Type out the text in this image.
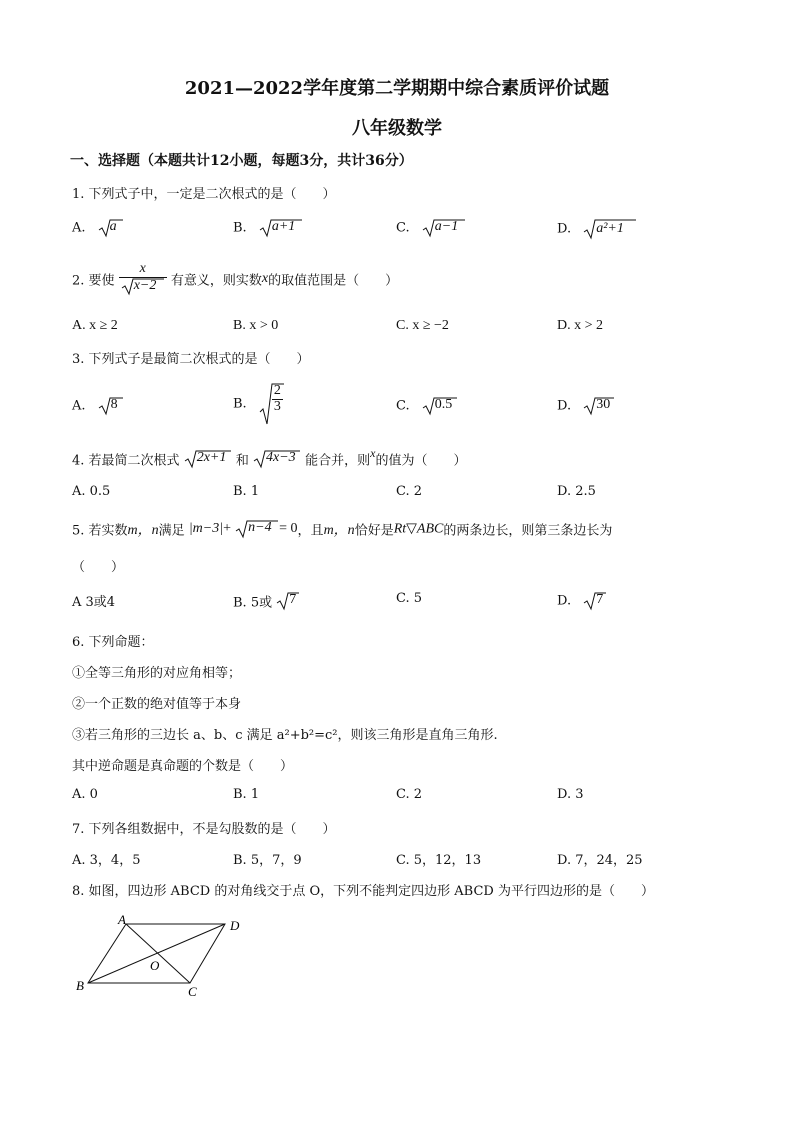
2021—2022学年度第二学期期中综合素质评价试题
八年级数学
一、选择题（本题共计12小题，每题3分，共计36分）
1. 下列式子中，一定是二次根式的是（　　）
A. a	B. a+1	C. a−1	D. a²+1
2. 要使 $\frac{x}{x-2}$ 有意义，则实数x的取值范围是（　　）
A. x ≥ 2	B. x > 0	C. x ≥ −2	D. x > 2
3. 下列式子是最简二次根式的是（　　）
A. 8	B. $\frac{2}{3}$	C. 0.5	D. 30
4. 若最简二次根式 2x+1 和 4x−3 能合并，则x的值为（　　）
A. 0.5	B. 1	C. 2	D. 2.5
5. 若实数m，n满足 |m−3|+ n−4 = 0，且m，n恰好是Rt▽ABC的两条边长，则第三条边长为
（　　）
A 3或4	B. 5或 7	C. 5	D. 7
6. 下列命题：
①全等三角形的对应角相等；
②一个正数的绝对值等于本身
③若三角形的三边长 a、b、c 满足 a²+b²=c²，则该三角形是直角三角形.
其中逆命题是真命题的个数是（　　）
A. 0	B. 1	C. 2	D. 3
7. 下列各组数据中，不是勾股数的是（　　）
A. 3，4，5	B. 5，7，9	C. 5，12，13	D. 7，24，25
8. 如图，四边形 ABCD 的对角线交于点 O，下列不能判定四边形 ABCD 为平行四边形的是（　　）
A
B	C
D
O
